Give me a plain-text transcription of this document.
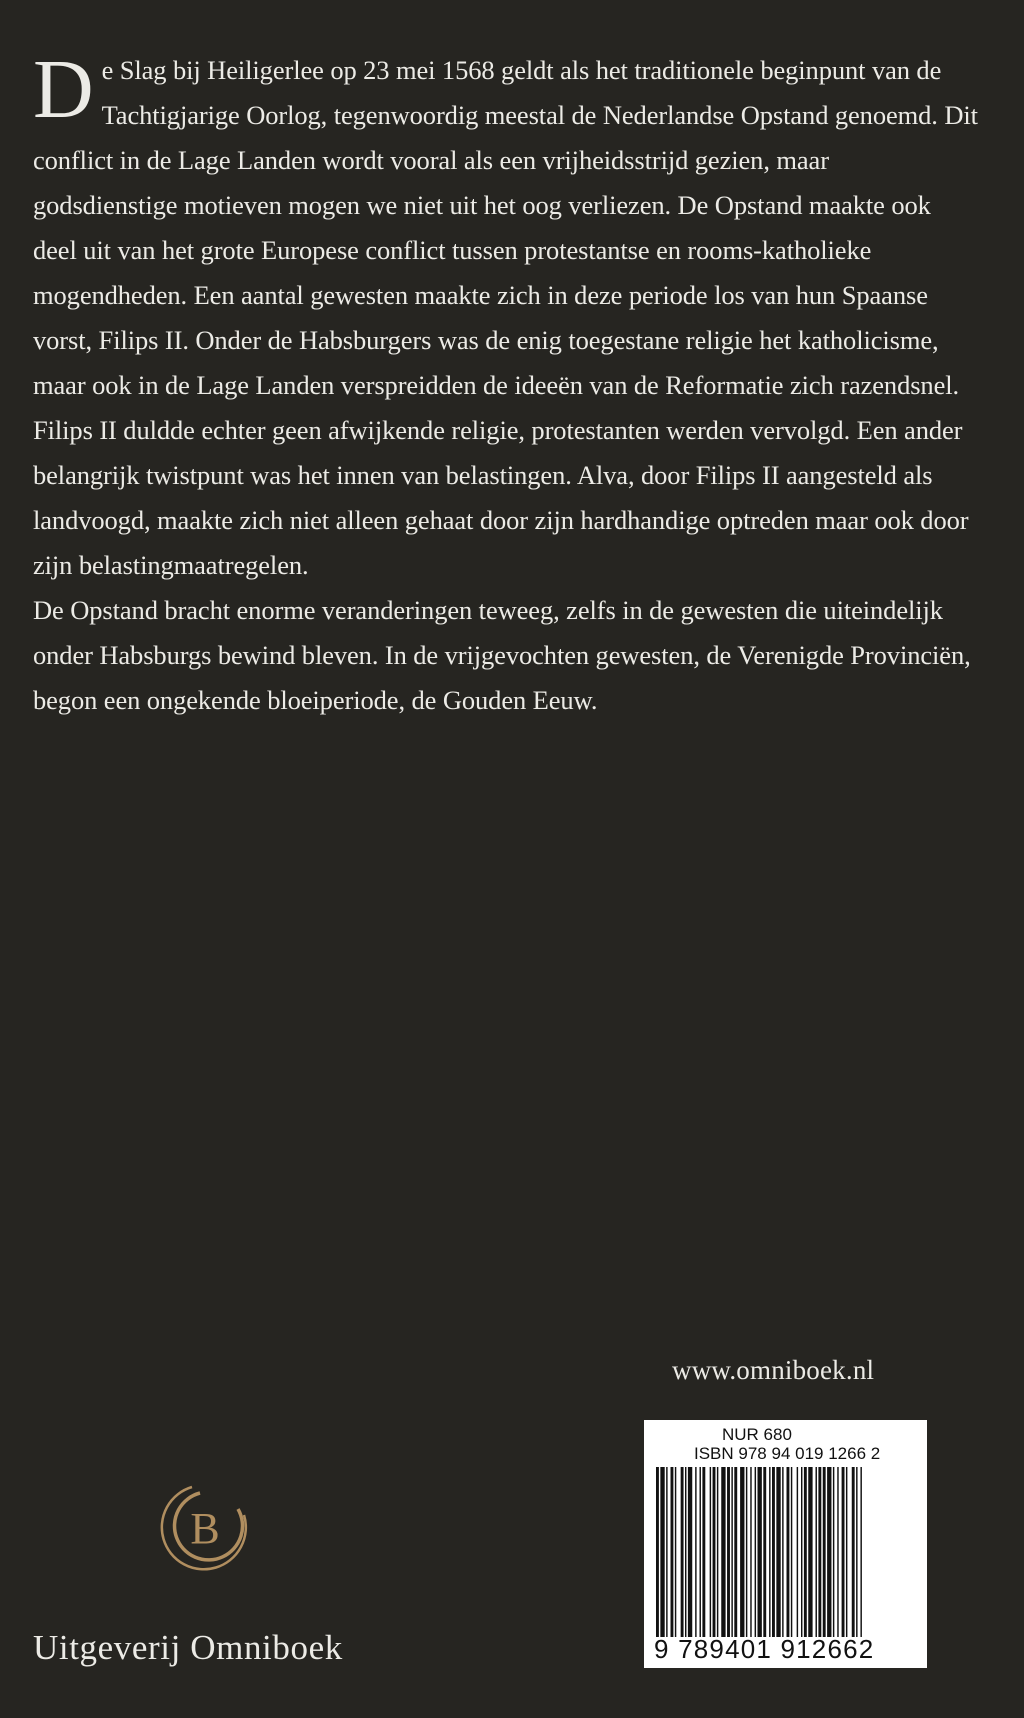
De Slag bij Heiligerlee op 23 mei 1568 geldt als het traditionele beginpunt van de Tachtigjarige Oorlog, tegenwoordig meestal de Nederlandse Opstand genoemd. Dit conflict in de Lage Landen wordt vooral als een vrijheidsstrijd gezien, maar godsdienstige motieven mogen we niet uit het oog verliezen. De Opstand maakte ook deel uit van het grote Europese conflict tussen protestantse en rooms-katholieke mogendheden. Een aantal gewesten maakte zich in deze periode los van hun Spaanse vorst, Filips II. Onder de Habsburgers was de enig toegestane religie het katholicisme, maar ook in de Lage Landen verspreidden de ideeën van de Reformatie zich razendsnel. Filips II duldde echter geen afwijkende religie, protestanten werden vervolgd. Een ander belangrijk twistpunt was het innen van belastingen. Alva, door Filips II aangesteld als landvoogd, maakte zich niet alleen gehaat door zijn hardhandige optreden maar ook door zijn belastingmaatregelen.

De Opstand bracht enorme veranderingen teweeg, zelfs in de gewesten die uiteindelijk onder Habsburgs bewind bleven. In de vrijgevochten gewesten, de Verenigde Provinciën, begon een ongekende bloeiperiode, de Gouden Eeuw.

www.omniboek.nl
NUR 680
ISBN 978 94 019 1266 2
9 789401 912662
B
Uitgeverij Omniboek
